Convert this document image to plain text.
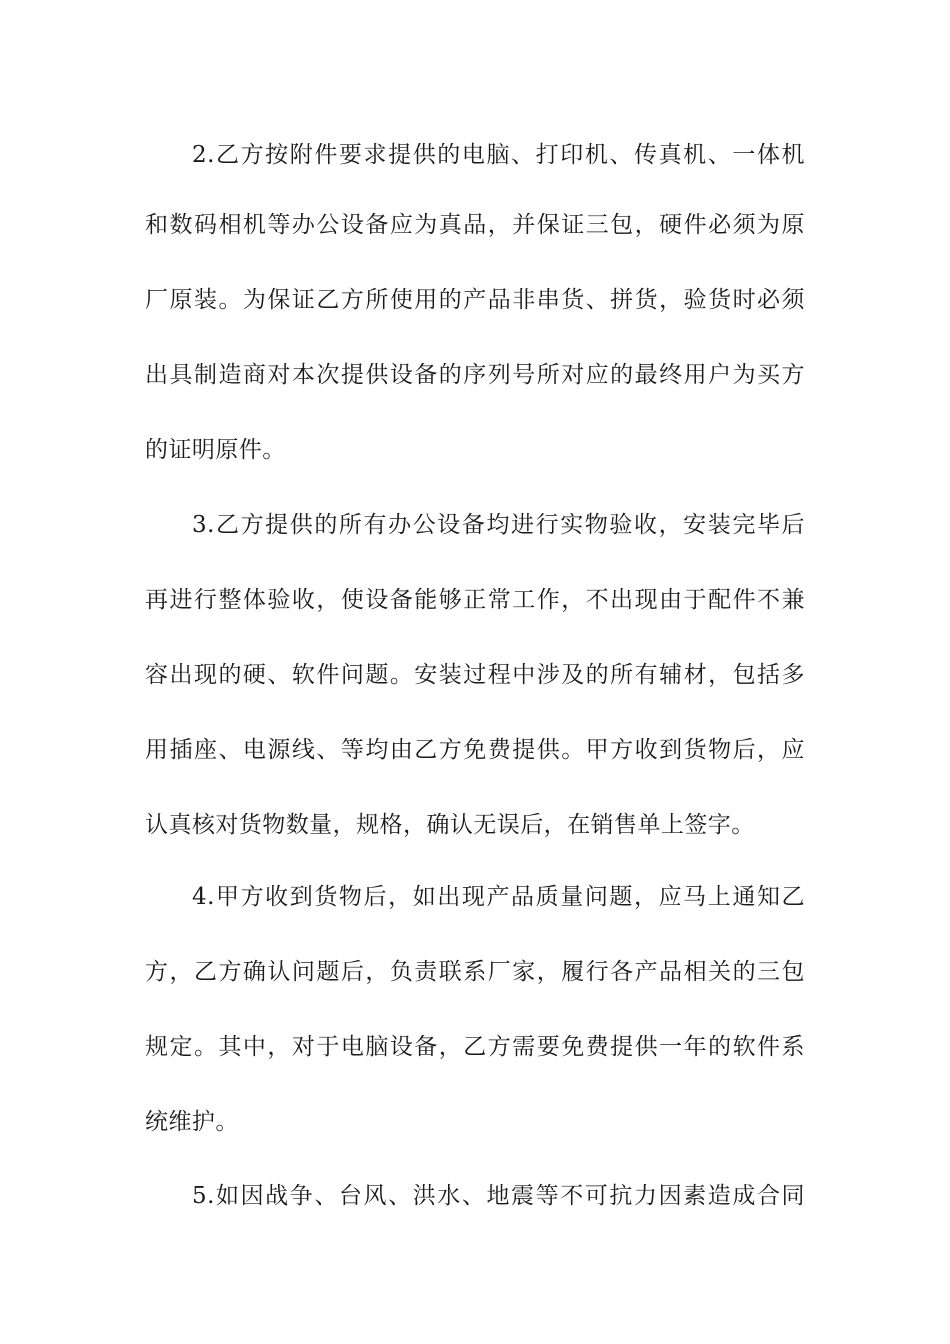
2.乙方按附件要求提供的电脑、打印机、传真机、一体机
和数码相机等办公设备应为真品，并保证三包，硬件必须为原
厂原装。为保证乙方所使用的产品非串货、拼货，验货时必须
出具制造商对本次提供设备的序列号所对应的最终用户为买方
的证明原件。
3.乙方提供的所有办公设备均进行实物验收，安装完毕后
再进行整体验收，使设备能够正常工作，不出现由于配件不兼
容出现的硬、软件问题。安装过程中涉及的所有辅材，包括多
用插座、电源线、等均由乙方免费提供。甲方收到货物后，应
认真核对货物数量，规格，确认无误后，在销售单上签字。
4.甲方收到货物后，如出现产品质量问题，应马上通知乙
方，乙方确认问题后，负责联系厂家，履行各产品相关的三包
规定。其中，对于电脑设备，乙方需要免费提供一年的软件系
统维护。
5.如因战争、台风、洪水、地震等不可抗力因素造成合同
